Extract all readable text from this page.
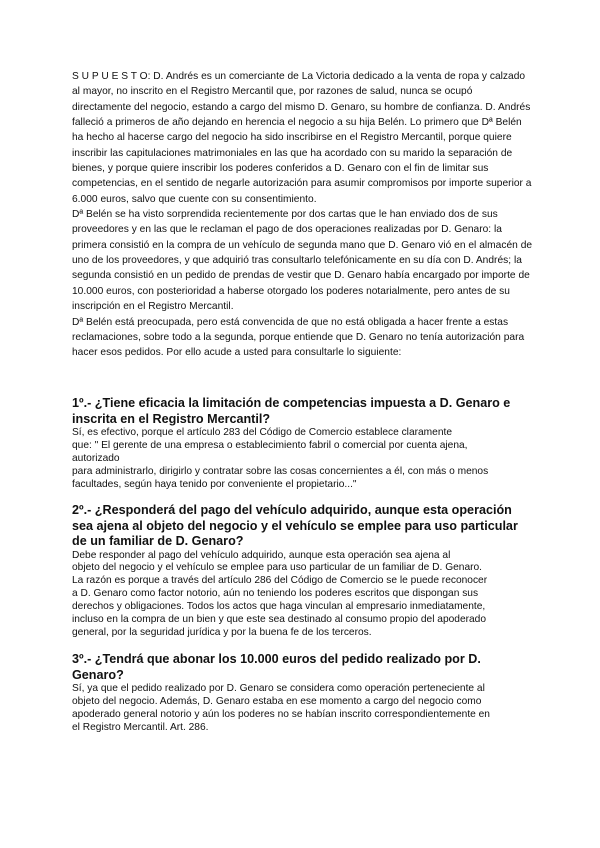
S U P U E S T O: D. Andrés es un comerciante de La Victoria dedicado a la venta de ropa y calzado al mayor, no inscrito en el Registro Mercantil que, por razones de salud, nunca se ocupó directamente del negocio, estando a cargo del mismo D. Genaro, su hombre de confianza. D. Andrés falleció a primeros de año dejando en herencia el negocio a su hija Belén. Lo primero que Dª Belén ha hecho al hacerse cargo del negocio ha sido inscribirse en el Registro Mercantil, porque quiere inscribir las capitulaciones matrimoniales en las que ha acordado con su marido la separación de bienes, y porque quiere inscribir los poderes conferidos a D. Genaro con el fin de limitar sus competencias, en el sentido de negarle autorización para asumir compromisos por importe superior a 6.000 euros, salvo que cuente con su consentimiento.

Dª Belén se ha visto sorprendida recientemente por dos cartas que le han enviado dos de sus proveedores y en las que le reclaman el pago de dos operaciones realizadas por D. Genaro: la primera consistió en la compra de un vehículo de segunda mano que D. Genaro vió en el almacén de uno de los proveedores, y que adquirió tras consultarlo telefónicamente en su día con D. Andrés; la segunda consistió en un pedido de prendas de vestir que D. Genaro había encargado por importe de 10.000 euros, con posterioridad a haberse otorgado los poderes notarialmente, pero antes de su inscripción en el Registro Mercantil.

Dª Belén está preocupada, pero está convencida de que no está obligada a hacer frente a estas reclamaciones, sobre todo a la segunda, porque entiende que D. Genaro no tenía autorización para hacer esos pedidos. Por ello acude a usted para consultarle lo siguiente:

1º.- ¿Tiene eficacia la limitación de competencias impuesta a D. Genaro e inscrita en el Registro Mercantil?
Sí, es efectivo, porque el artículo 283 del Código de Comercio establece claramente
que: " El gerente de una empresa o establecimiento fabril o comercial por cuenta ajena,
autorizado
para administrarlo, dirigirlo y contratar sobre las cosas concernientes a él, con más o menos
facultades, según haya tenido por conveniente el propietario..."
2º.- ¿Responderá del pago del vehículo adquirido, aunque esta operación sea ajena al objeto del negocio y el vehículo se emplee para uso particular de un familiar de D. Genaro?
Debe responder al pago del vehículo adquirido, aunque esta operación sea ajena al
objeto del negocio y el vehículo se emplee para uso particular de un familiar de D. Genaro.
La razón es porque a través del artículo 286 del Código de Comercio se le puede reconocer
a D. Genaro como factor notorio, aún no teniendo los poderes escritos que dispongan sus
derechos y obligaciones. Todos los actos que haga vinculan al empresario inmediatamente,
incluso en la compra de un bien y que este sea destinado al consumo propio del apoderado
general, por la seguridad jurídica y por la buena fe de los terceros.
3º.- ¿Tendrá que abonar los 10.000 euros del pedido realizado por D. Genaro?
Sí, ya que el pedido realizado por D. Genaro se considera como operación perteneciente al
objeto del negocio. Además, D. Genaro estaba en ese momento a cargo del negocio como
apoderado general notorio y aún los poderes no se habían inscrito correspondientemente en
el Registro Mercantil. Art. 286.
